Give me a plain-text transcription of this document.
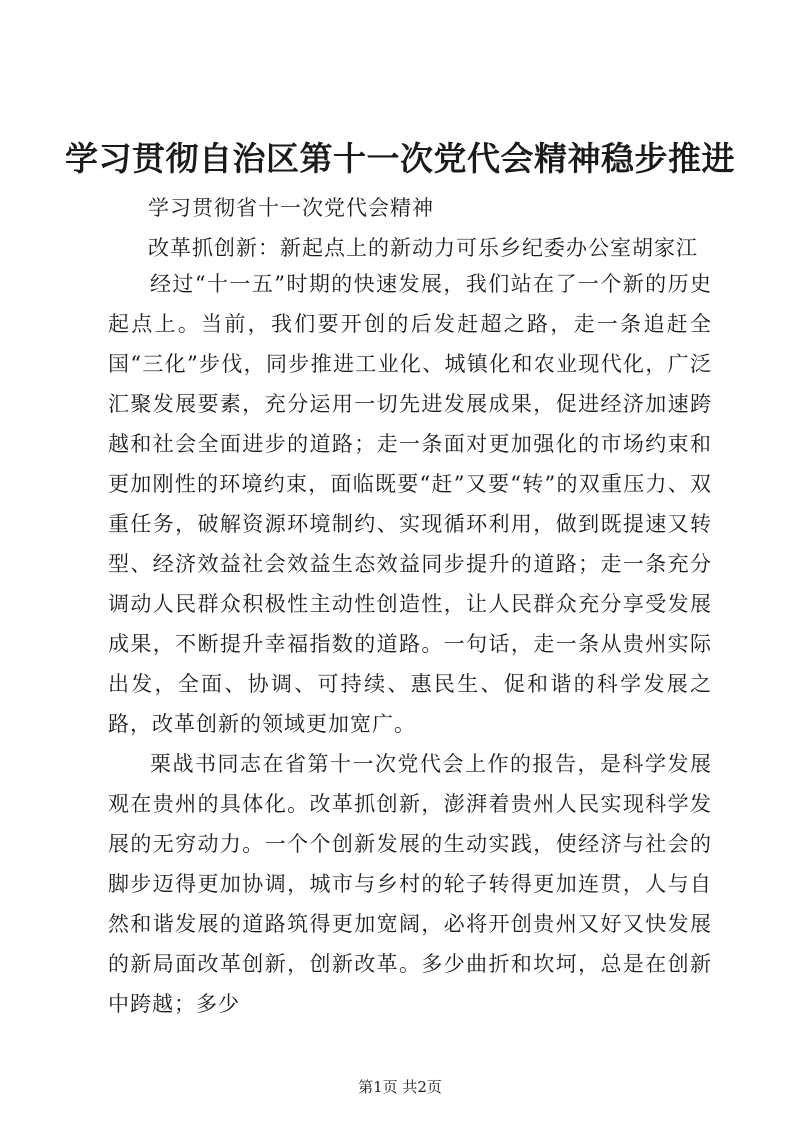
学习贯彻自治区第十一次党代会精神稳步推进
学习贯彻省十一次党代会精神
改革抓创新：新起点上的新动力可乐乡纪委办公室胡家江

经过“十一五”时期的快速发展，我们站在了一个新的历史起点上。当前，我们要开创的后发赶超之路，走一条追赶全国“三化”步伐，同步推进工业化、城镇化和农业现代化，广泛汇聚发展要素，充分运用一切先进发展成果，促进经济加速跨越和社会全面进步的道路；走一条面对更加强化的市场约束和更加刚性的环境约束，面临既要“赶”又要“转”的双重压力、双重任务，破解资源环境制约、实现循环利用，做到既提速又转型、经济效益社会效益生态效益同步提升的道路；走一条充分调动人民群众积极性主动性创造性，让人民群众充分享受发展成果，不断提升幸福指数的道路。一句话，走一条从贵州实际出发，全面、协调、可持续、惠民生、促和谐的科学发展之路，改革创新的领域更加宽广。

栗战书同志在省第十一次党代会上作的报告，是科学发展观在贵州的具体化。改革抓创新，澎湃着贵州人民实现科学发展的无穷动力。一个个创新发展的生动实践，使经济与社会的脚步迈得更加协调，城市与乡村的轮子转得更加连贯，人与自然和谐发展的道路筑得更加宽阔，必将开创贵州又好又快发展的新局面改革创新，创新改革。多少曲折和坎坷，总是在创新中跨越；多少

第1页 共2页
